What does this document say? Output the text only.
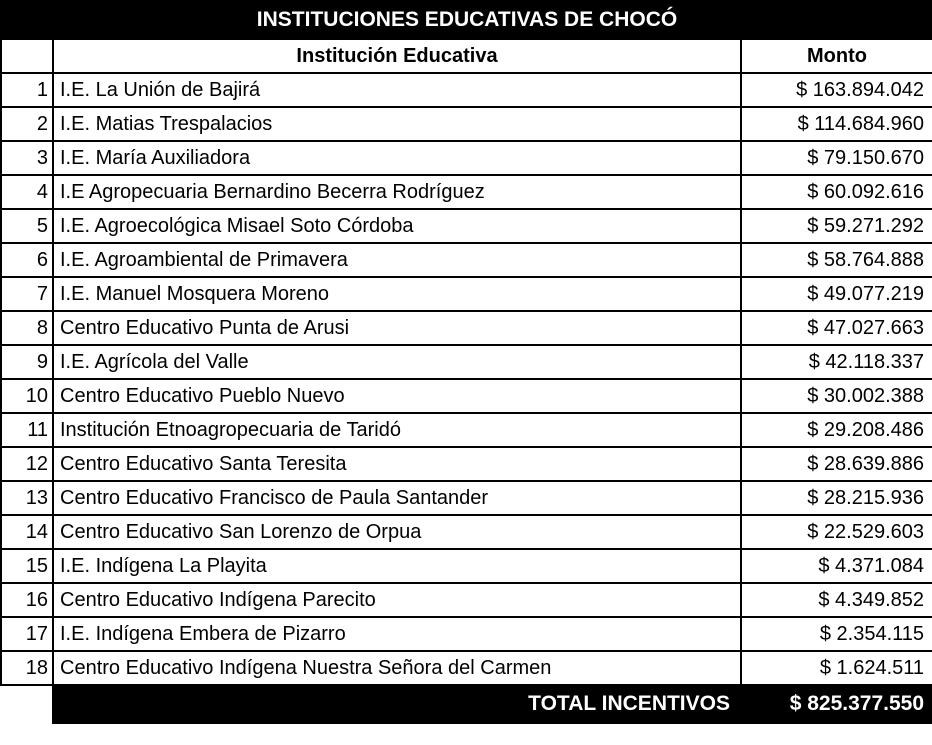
INSTITUCIONES EDUCATIVAS DE CHOCÓ		
	Institución Educativa	Monto
1	I.E. La Unión de Bajirá	$ 163.894.042
2	I.E. Matias Trespalacios	$ 114.684.960
3	I.E. María Auxiliadora	$ 79.150.670
4	I.E Agropecuaria Bernardino Becerra Rodríguez	$ 60.092.616
5	I.E. Agroecológica Misael Soto Córdoba	$ 59.271.292
6	I.E. Agroambiental de Primavera	$ 58.764.888
7	I.E. Manuel Mosquera Moreno	$ 49.077.219
8	Centro Educativo Punta de Arusi	$ 47.027.663
9	I.E. Agrícola del Valle	$ 42.118.337
10	Centro Educativo Pueblo Nuevo	$ 30.002.388
11	Institución Etnoagropecuaria de Taridó	$ 29.208.486
12	Centro Educativo Santa Teresita	$ 28.639.886
13	Centro Educativo Francisco de Paula Santander	$ 28.215.936
14	Centro Educativo San Lorenzo de Orpua	$ 22.529.603
15	I.E. Indígena La Playita	$ 4.371.084
16	Centro Educativo Indígena Parecito	$ 4.349.852
17	I.E. Indígena Embera de Pizarro	$ 2.354.115
18	Centro Educativo Indígena Nuestra Señora del Carmen	$ 1.624.511
	TOTAL INCENTIVOS	$ 825.377.550
